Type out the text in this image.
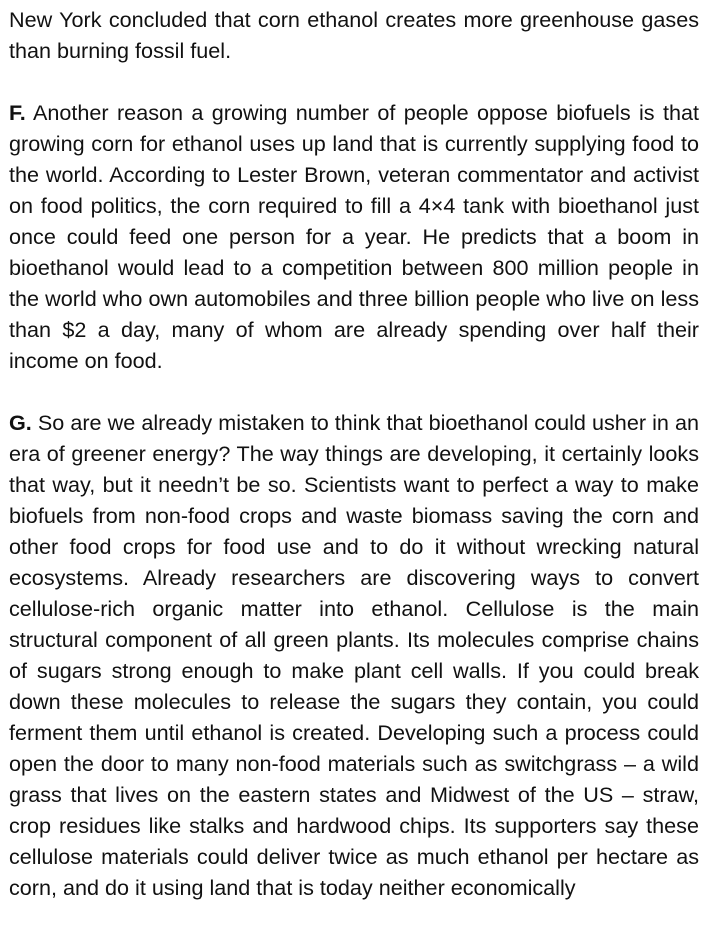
New York concluded that corn ethanol creates more greenhouse gases than burning fossil fuel.

F. Another reason a growing number of people oppose biofuels is that growing corn for ethanol uses up land that is currently supplying food to the world. According to Lester Brown, veteran commentator and activist on food politics, the corn required to fill a 4×4 tank with bioethanol just once could feed one person for a year. He predicts that a boom in bioethanol would lead to a competition between 800 million people in the world who own automobiles and three billion people who live on less than $2 a day, many of whom are already spending over half their income on food.

G. So are we already mistaken to think that bioethanol could usher in an era of greener energy? The way things are developing, it certainly looks that way, but it needn’t be so. Scientists want to perfect a way to make biofuels from non-food crops and waste biomass saving the corn and other food crops for food use and to do it without wrecking natural ecosystems. Already researchers are discovering ways to convert cellulose-rich organic matter into ethanol. Cellulose is the main structural component of all green plants. Its molecules comprise chains of sugars strong enough to make plant cell walls. If you could break down these molecules to release the sugars they contain, you could ferment them until ethanol is created. Developing such a process could open the door to many non-food materials such as switchgrass – a wild grass that lives on the eastern states and Midwest of the US – straw, crop residues like stalks and hardwood chips. Its supporters say these cellulose materials could deliver twice as much ethanol per hectare as corn, and do it using land that is today neither economically
